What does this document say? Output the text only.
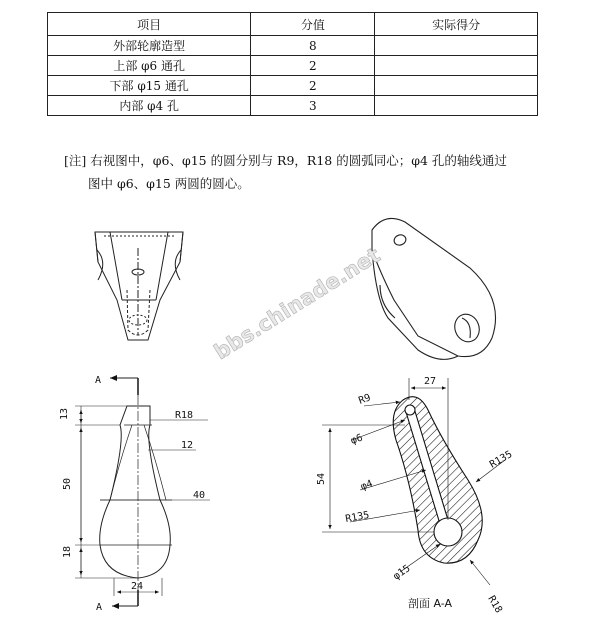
项目	分值	实际得分
外部轮廓造型	8	
上部 φ6 通孔	2	
下部 φ15 通孔	2	
内部 φ4 孔	3	
[注] 右视图中，φ6、φ15 的圆分别与 R9，R18 的圆弧同心；φ4 孔的轴线通过
图中 φ6、φ15 两圆的圆心。
bbs.chinade.net
A
A
13
50
18
R18
12
40
24
27
R9
φ6
φ4
54
R135
R135
φ15
R18
剖面 A-A
